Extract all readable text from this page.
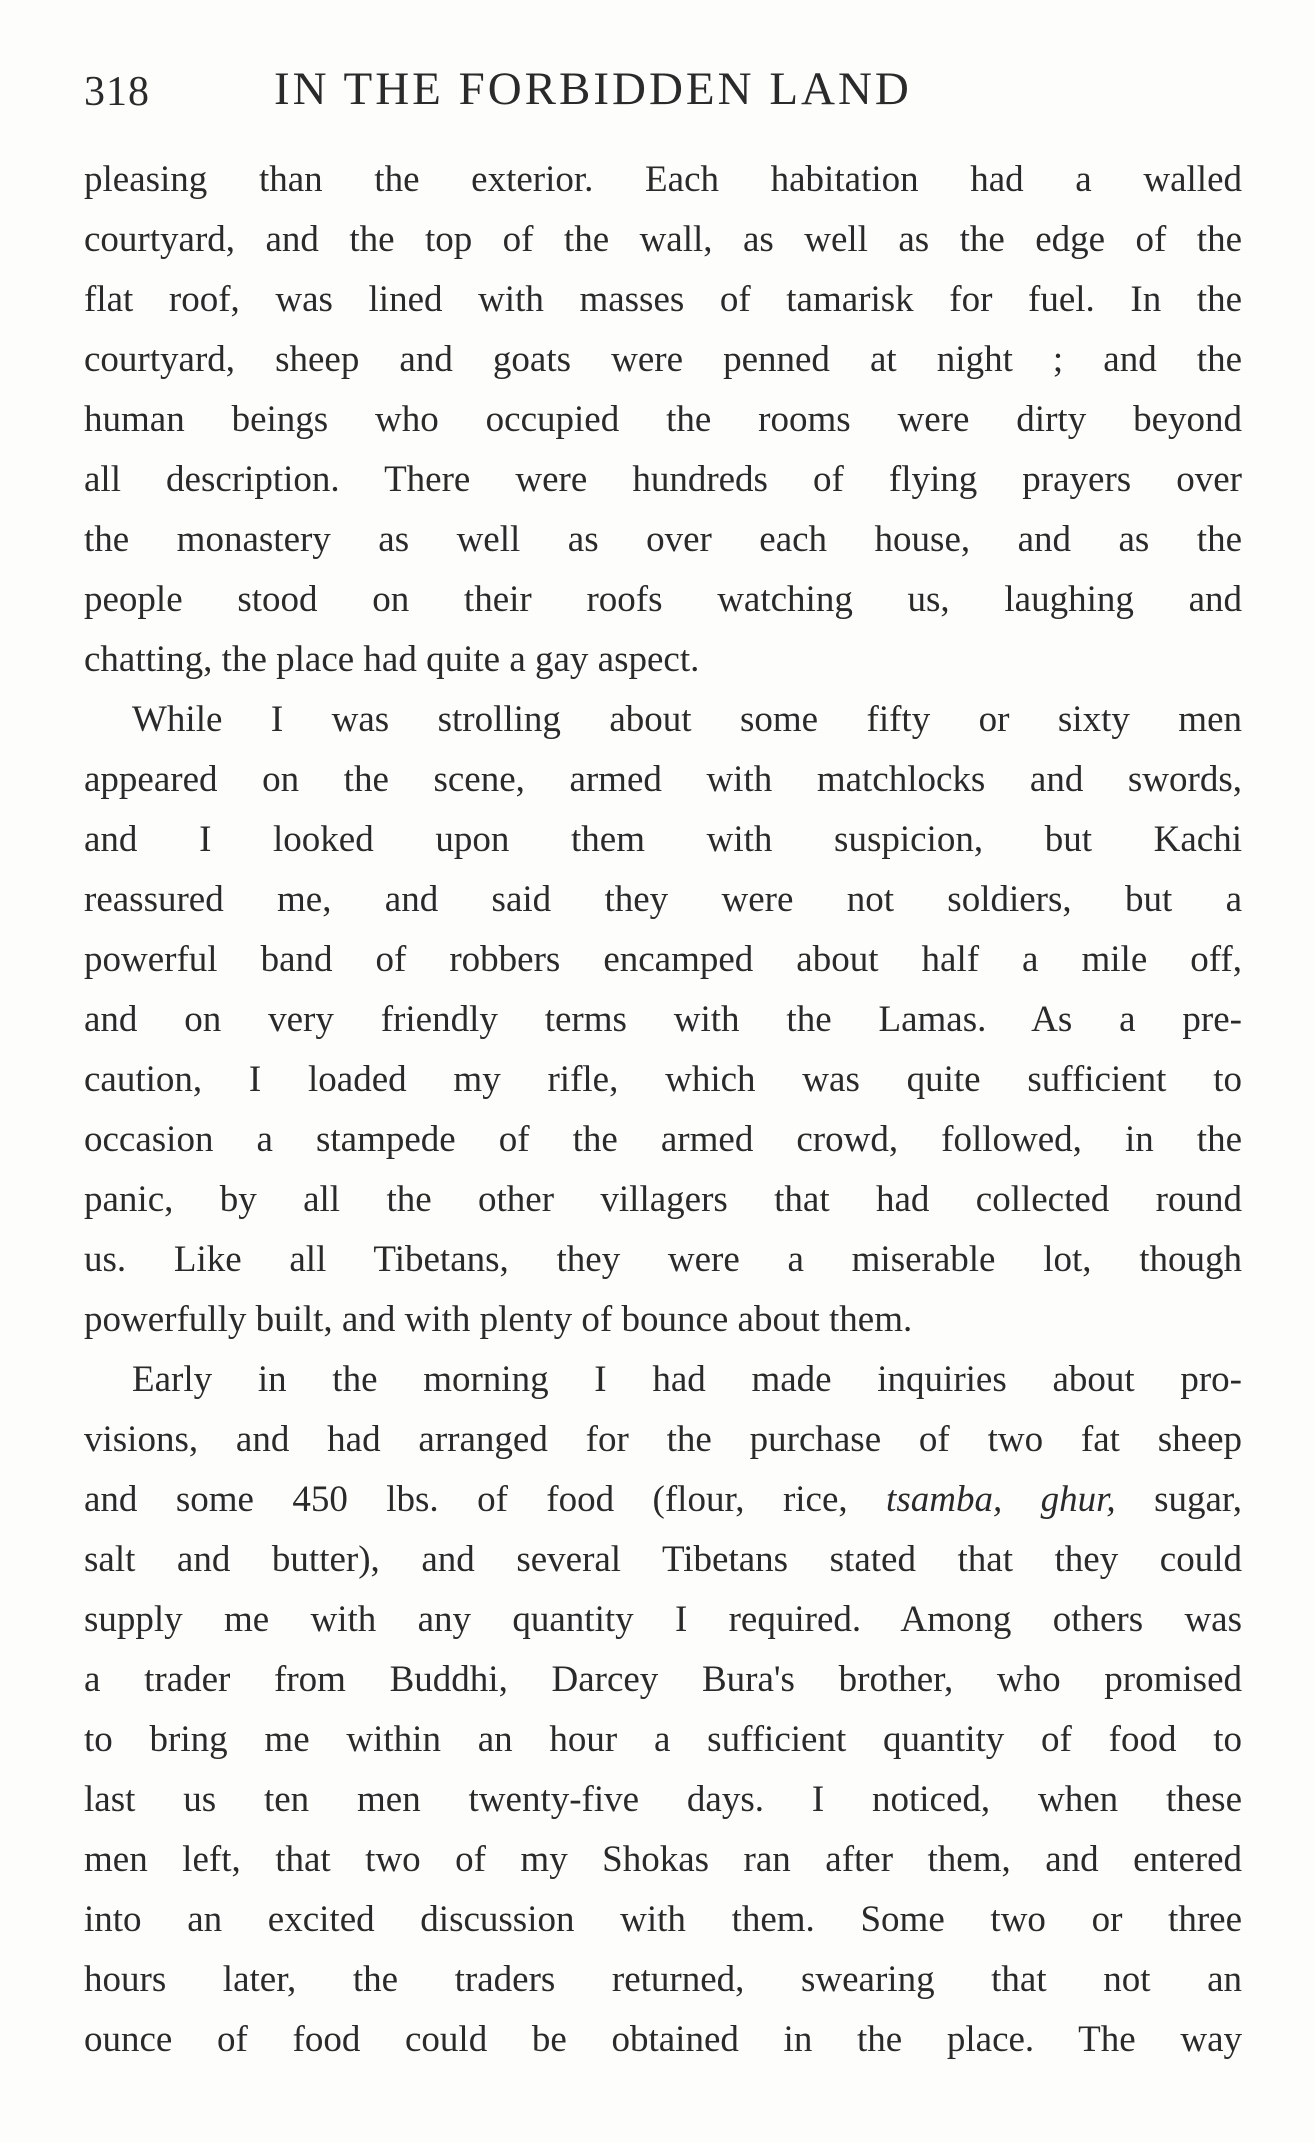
318	IN THE FORBIDDEN LAND
pleasing than the exterior. Each habitation had a walled
courtyard, and the top of the wall, as well as the edge of the
flat roof, was lined with masses of tamarisk for fuel. In the
courtyard, sheep and goats were penned at night ; and the
human beings who occupied the rooms were dirty beyond
all description. There were hundreds of flying prayers over
the monastery as well as over each house, and as the
people stood on their roofs watching us, laughing and
chatting, the place had quite a gay aspect.
While I was strolling about some fifty or sixty men
appeared on the scene, armed with matchlocks and swords,
and I looked upon them with suspicion, but Kachi
reassured me, and said they were not soldiers, but a
powerful band of robbers encamped about half a mile off,
and on very friendly terms with the Lamas. As a pre-
caution, I loaded my rifle, which was quite sufficient to
occasion a stampede of the armed crowd, followed, in the
panic, by all the other villagers that had collected round
us. Like all Tibetans, they were a miserable lot, though
powerfully built, and with plenty of bounce about them.
Early in the morning I had made inquiries about pro-
visions, and had arranged for the purchase of two fat sheep
and some 450 lbs. of food (flour, rice, tsamba, ghur, sugar,
salt and butter), and several Tibetans stated that they could
supply me with any quantity I required. Among others was
a trader from Buddhi, Darcey Bura's brother, who promised
to bring me within an hour a sufficient quantity of food to
last us ten men twenty-five days. I noticed, when these
men left, that two of my Shokas ran after them, and entered
into an excited discussion with them. Some two or three
hours later, the traders returned, swearing that not an
ounce of food could be obtained in the place. The way
